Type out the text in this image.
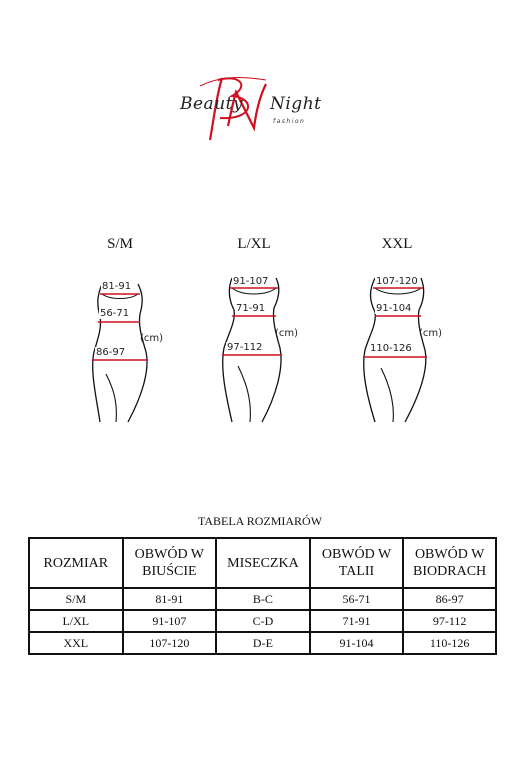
Beauty Night
fashion
S/M
81-91
56-71
86-97
(cm)
L/XL
91-107
71-91
97-112
(cm)
XXL
107-120
91-104
110-126
(cm)
TABELA ROZMIARÓW
ROZMIAR	OBWÓD W BIUŚCIE	MISECZKA	OBWÓD W TALII	OBWÓD W BIODRACH
S/M	81-91	B-C	56-71	86-97
L/XL	91-107	C-D	71-91	97-112
XXL	107-120	D-E	91-104	110-126
